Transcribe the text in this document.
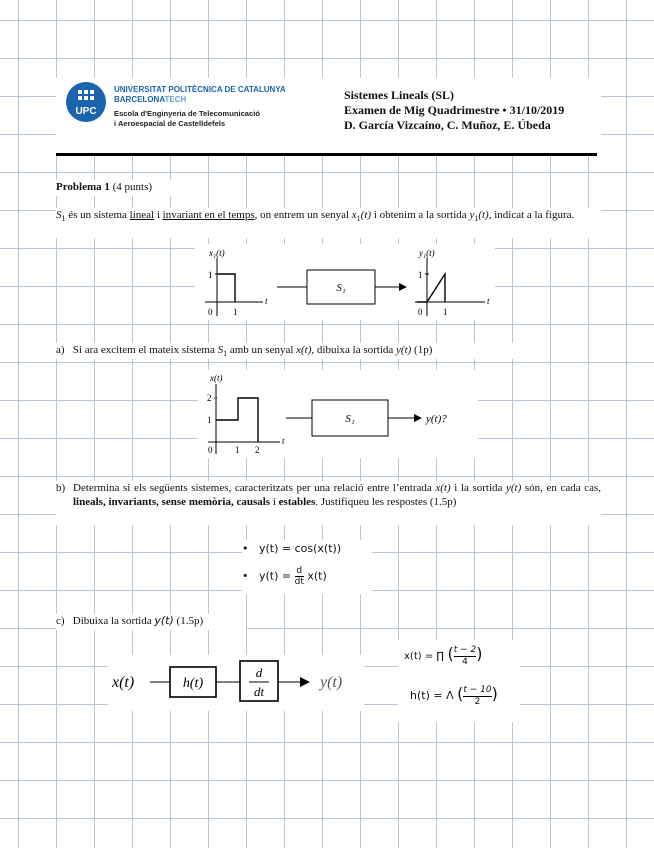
UPC
UNIVERSITAT POLITÈCNICA DE CATALUNYA
BARCELONATECH
Escola d'Enginyeria de Telecomunicació
i Aeroespacial de Castelldefels
Sistemes Lineals (SL)
Examen de Mig Quadrimestre • 31/10/2019
D. García Vizcaíno, C. Muñoz, E. Úbeda
Problema 1 (4 punts)
$S_1$ és un sistema lineal i invariant en el temps, on entrem un senyal $x_1(t)$ i obtenim a la sortida $y_1(t)$, indicat a la figura.
x₁(t)
1
0 1
t
S₁
y₁(t)
1
0 1
t
a) Si ara excitem el mateix sistema $S_1$ amb un senyal x(t), dibuixa la sortida y(t) (1p)
x(t)
2
1
0	1 2
t
S₁	y(t)?
b) Determina si els següents sistemes, caracteritzats per una relació entre l’entrada x(t) i la sortida y(t) són, en cada cas, lineals, invariants, sense memòria, causals i estables. Justifiqueu les respostes (1.5p)
• y(t) = cos(x(t))
• $y(t) = \frac{d}{dt} x(t)$
c) Dibuixa la sortida y(t) (1.5p)
x(t)	h(t)
d
dt
y(t)
x(t) = ∏ ( $\frac{t - 2}{4}$ )
h(t) = Λ ( $\frac{t - 10}{2}$ )
